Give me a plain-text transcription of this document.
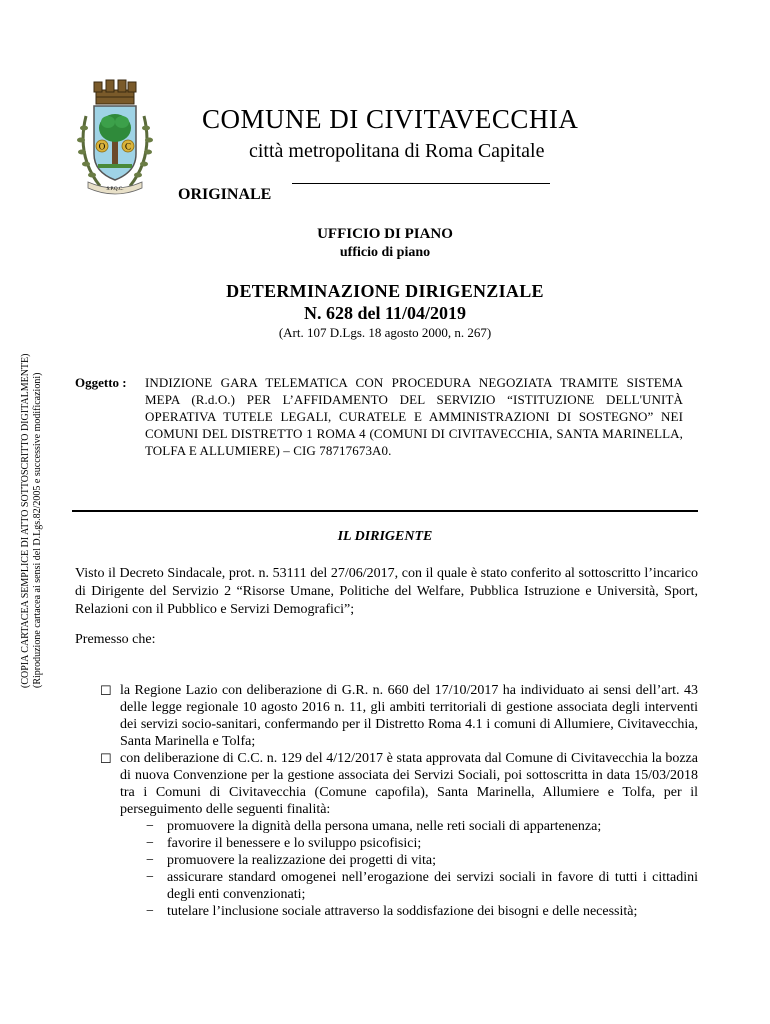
(COPIA CARTACEA SEMPLICE DI ATTO SOTTOSCRITTO DIGITALMENTE) (Riproduzione cartacea ai sensi del D.Lgs.82/2005 e successive modificazioni)
O C
S.P.Q.C.
COMUNE DI CIVITAVECCHIA
città metropolitana di Roma Capitale
ORIGINALE
UFFICIO DI PIANO
ufficio di piano
DETERMINAZIONE DIRIGENZIALE
N. 628 del 11/04/2019
(Art. 107 D.Lgs. 18 agosto 2000, n. 267)
Oggetto :	INDIZIONE GARA TELEMATICA CON PROCEDURA NEGOZIATA TRAMITE SISTEMA MEPA (R.d.O.) PER L’AFFIDAMENTO DEL SERVIZIO “ISTITUZIONE DELL'UNITÀ OPERATIVA TUTELE LEGALI, CURATELE E AMMINISTRAZIONI DI SOSTEGNO” NEI COMUNI DEL DISTRETTO 1 ROMA 4 (COMUNI DI CIVITAVECCHIA, SANTA MARINELLA, TOLFA E ALLUMIERE) – CIG 78717673A0.
IL DIRIGENTE
Visto il Decreto Sindacale, prot. n. 53111 del 27/06/2017, con il quale è stato conferito al sottoscritto l’incarico di Dirigente del Servizio 2 “Risorse Umane, Politiche del Welfare, Pubblica Istruzione e Università, Sport, Relazioni con il Pubblico e Servizi Demografici”;
Premesso che:
☐ la Regione Lazio con deliberazione di G.R. n. 660 del 17/10/2017 ha individuato ai sensi dell’art. 43 delle legge regionale 10 agosto 2016 n. 11, gli ambiti territoriali di gestione associata degli interventi dei servizi socio-sanitari, confermando per il Distretto Roma 4.1 i comuni di Allumiere, Civitavecchia, Santa Marinella e Tolfa;
☐ con deliberazione di C.C. n. 129 del 4/12/2017 è stata approvata dal Comune di Civitavecchia la bozza di nuova Convenzione per la gestione associata dei Servizi Sociali, poi sottoscritta in data 15/03/2018 tra i Comuni di Civitavecchia (Comune capofila), Santa Marinella, Allumiere e Tolfa, per il perseguimento delle seguenti finalità:
− promuovere la dignità della persona umana, nelle reti sociali di appartenenza;
− favorire il benessere e lo sviluppo psicofisici;
− promuovere la realizzazione dei progetti di vita;
− assicurare standard omogenei nell’erogazione dei servizi sociali in favore di tutti i cittadini degli enti convenzionati;
− tutelare l’inclusione sociale attraverso la soddisfazione dei bisogni e delle necessità;
